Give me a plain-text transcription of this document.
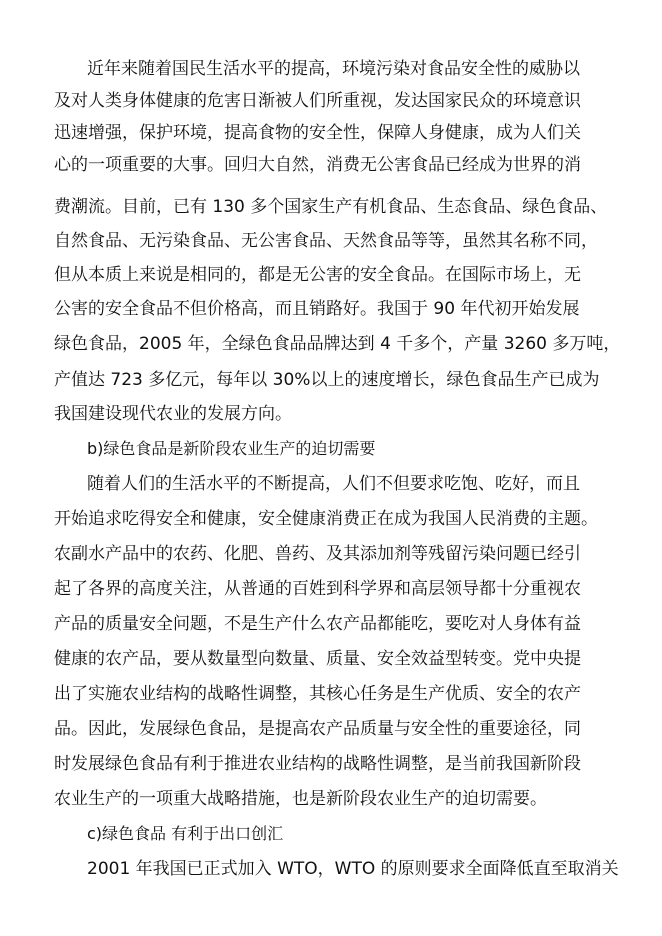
近年来随着国民生活水平的提高，环境污染对食品安全性的威胁以
及对人类身体健康的危害日渐被人们所重视，发达国家民众的环境意识
迅速增强，保护环境，提高食物的安全性，保障人身健康，成为人们关
心的一项重要的大事。回归大自然，消费无公害食品已经成为世界的消
费潮流。目前，已有 130 多个国家生产有机食品、生态食品、绿色食品、
自然食品、无污染食品、无公害食品、天然食品等等，虽然其名称不同，
但从本质上来说是相同的，都是无公害的安全食品。在国际市场上，无
公害的安全食品不但价格高，而且销路好。我国于 90 年代初开始发展
绿色食品，2005 年，全绿色食品品牌达到 4 千多个，产量 3260 多万吨，
产值达 723 多亿元，每年以 30%以上的速度增长，绿色食品生产已成为
我国建设现代农业的发展方向。
b)绿色食品是新阶段农业生产的迫切需要
随着人们的生活水平的不断提高，人们不但要求吃饱、吃好，而且
开始追求吃得安全和健康，安全健康消费正在成为我国人民消费的主题。
农副水产品中的农药、化肥、兽药、及其添加剂等残留污染问题已经引
起了各界的高度关注，从普通的百姓到科学界和高层领导都十分重视农
产品的质量安全问题，不是生产什么农产品都能吃，要吃对人身体有益
健康的农产品，要从数量型向数量、质量、安全效益型转变。党中央提
出了实施农业结构的战略性调整，其核心任务是生产优质、安全的农产
品。因此，发展绿色食品，是提高农产品质量与安全性的重要途径，同
时发展绿色食品有利于推进农业结构的战略性调整，是当前我国新阶段
农业生产的一项重大战略措施，也是新阶段农业生产的迫切需要。
c)绿色食品 有利于出口创汇
2001 年我国已正式加入 WTO，WTO 的原则要求全面降低直至取消关
